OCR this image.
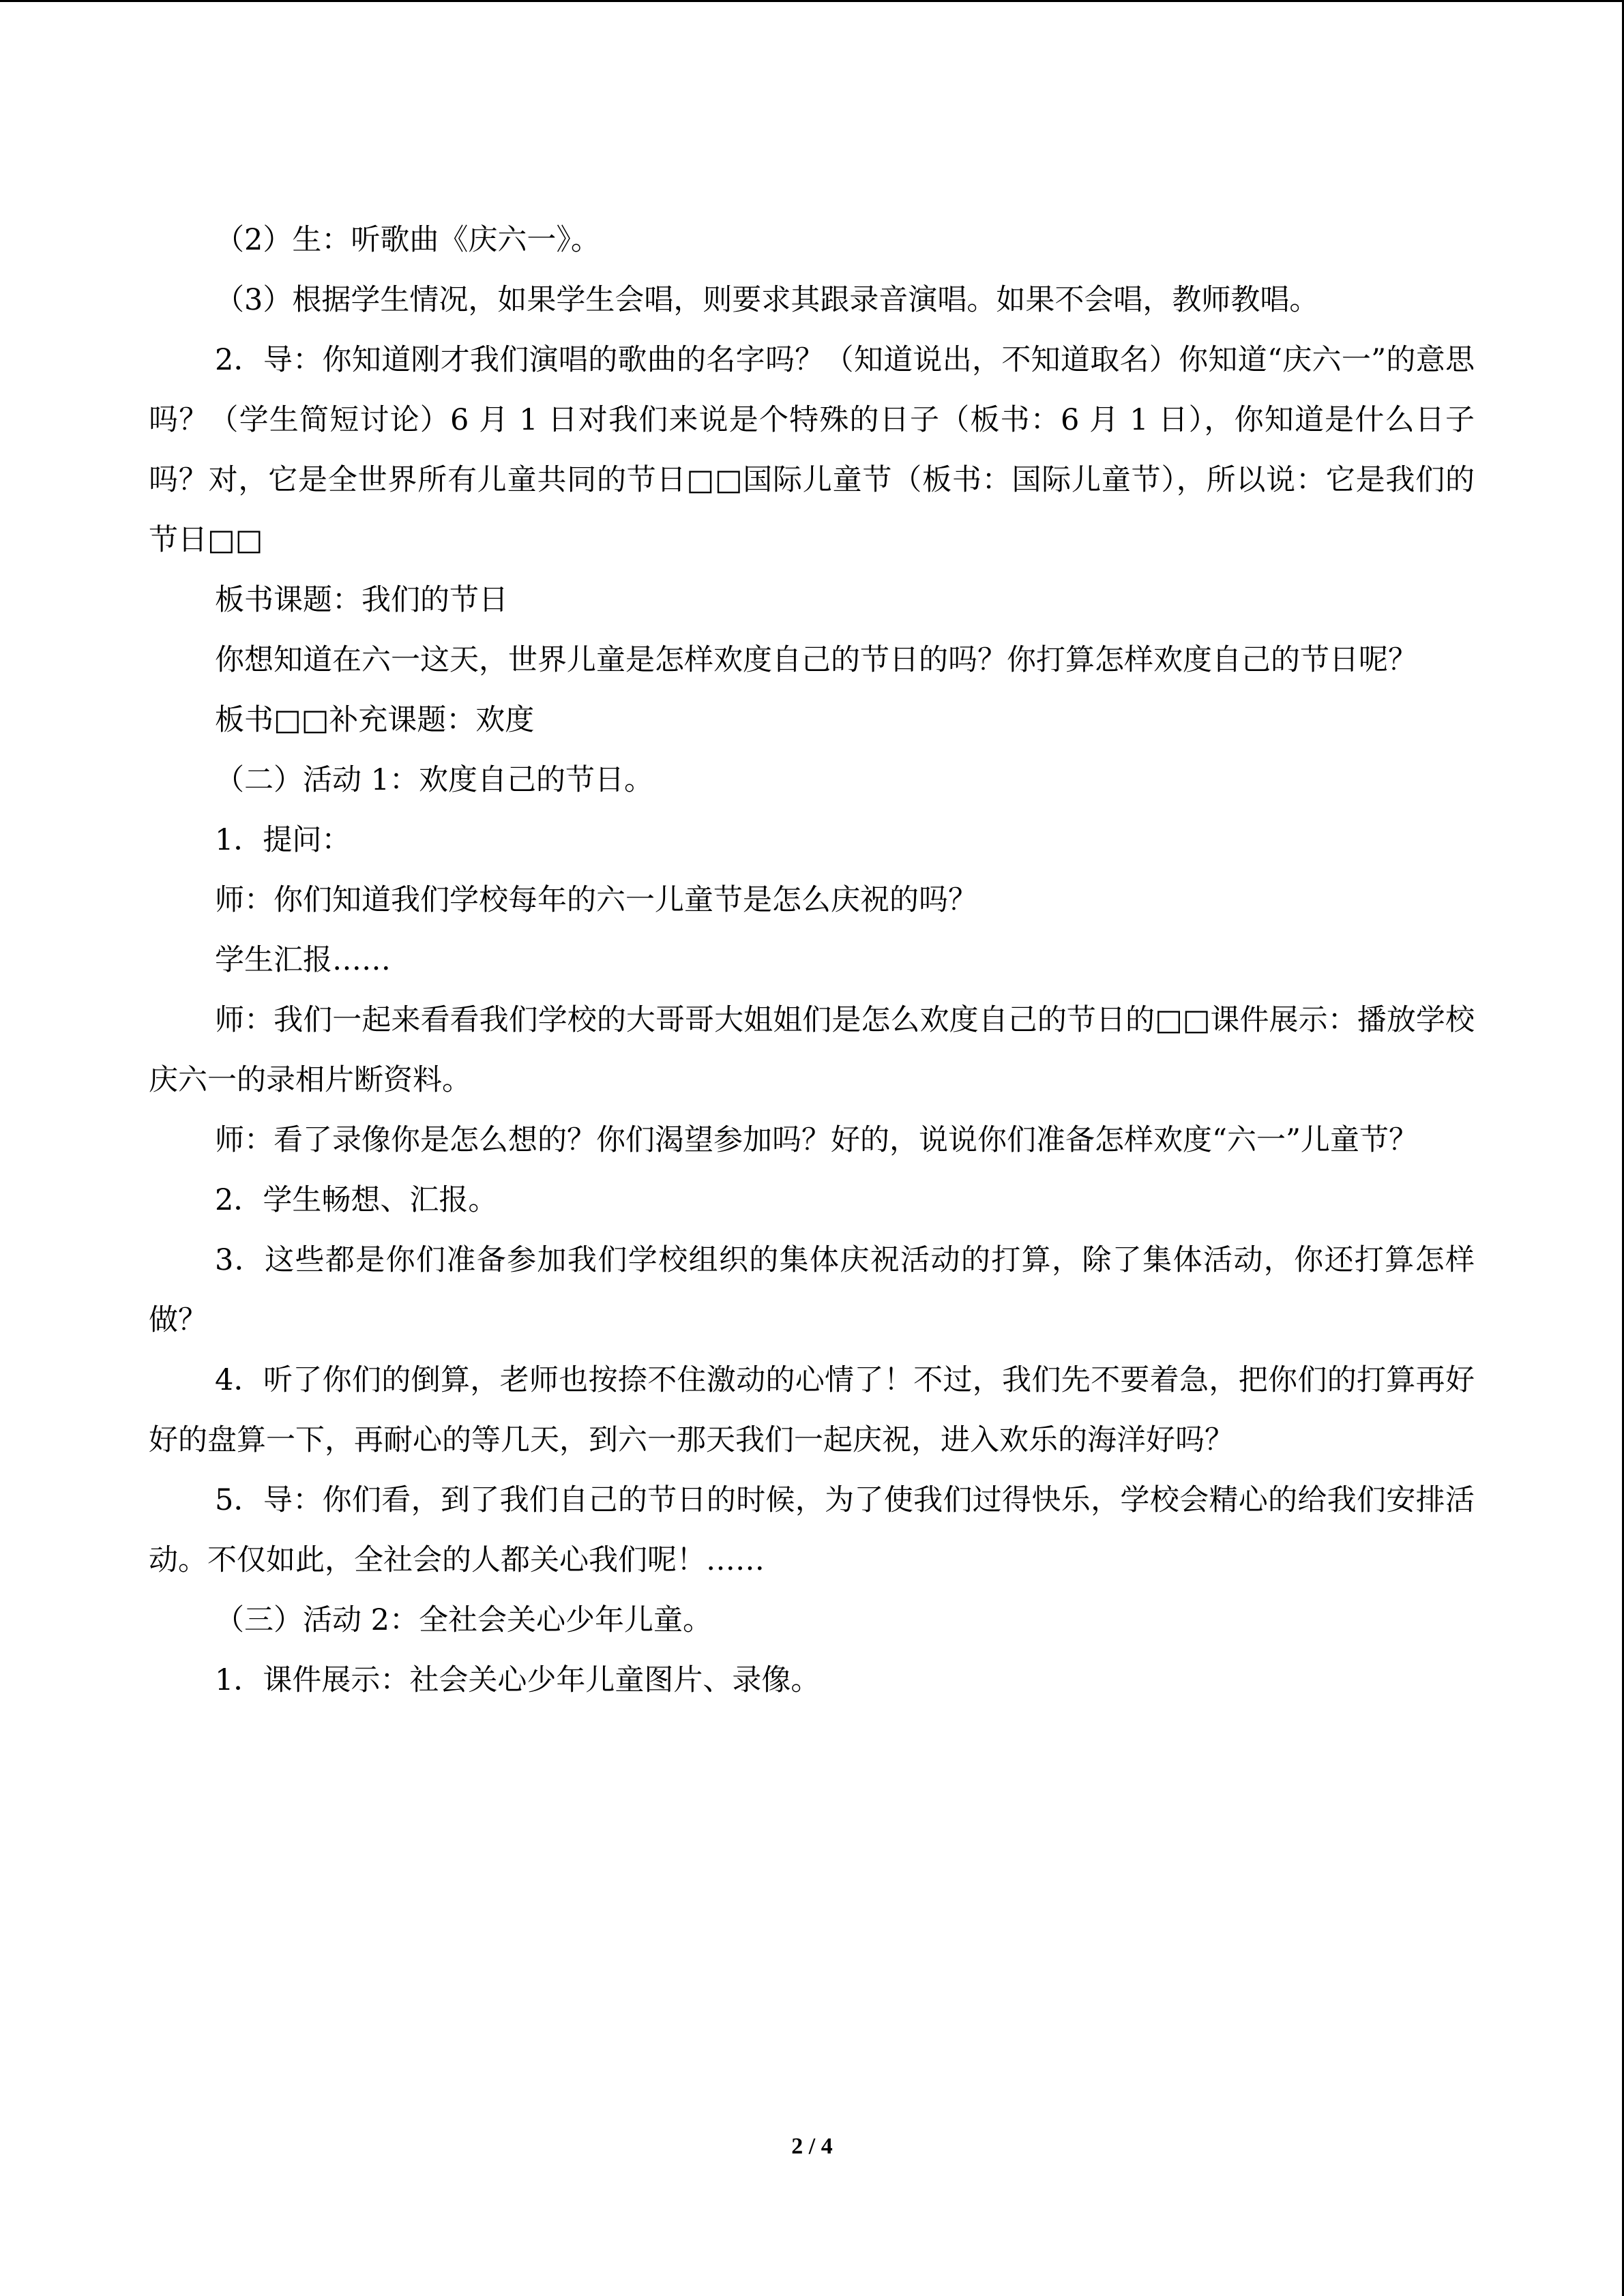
（2）生：听歌曲《庆六一》。

（3）根据学生情况，如果学生会唱，则要求其跟录音演唱。如果不会唱，教师教唱。

2．导：你知道刚才我们演唱的歌曲的名字吗？（知道说出，不知道取名）你知道“庆六一”的意思吗？（学生简短讨论）6 月 1 日对我们来说是个特殊的日子（板书：6 月 1 日），你知道是什么日子吗？对，它是全世界所有儿童共同的节日□□国际儿童节（板书：国际儿童节），所以说：它是我们的节日□□

板书课题：我们的节日

你想知道在六一这天，世界儿童是怎样欢度自己的节日的吗？你打算怎样欢度自己的节日呢？

板书□□补充课题：欢度

（二）活动 1：欢度自己的节日。

1．提问：

师：你们知道我们学校每年的六一儿童节是怎么庆祝的吗？

学生汇报……

师：我们一起来看看我们学校的大哥哥大姐姐们是怎么欢度自己的节日的□□课件展示：播放学校庆六一的录相片断资料。

师：看了录像你是怎么想的？你们渴望参加吗？好的，说说你们准备怎样欢度“六一”儿童节？

2．学生畅想、汇报。

3．这些都是你们准备参加我们学校组织的集体庆祝活动的打算，除了集体活动，你还打算怎样做？

4．听了你们的倒算，老师也按捺不住激动的心情了！不过，我们先不要着急，把你们的打算再好好的盘算一下，再耐心的等几天，到六一那天我们一起庆祝，进入欢乐的海洋好吗？

5．导：你们看，到了我们自己的节日的时候，为了使我们过得快乐，学校会精心的给我们安排活动。不仅如此，全社会的人都关心我们呢！……

（三）活动 2：全社会关心少年儿童。

1．课件展示：社会关心少年儿童图片、录像。

2 / 4
